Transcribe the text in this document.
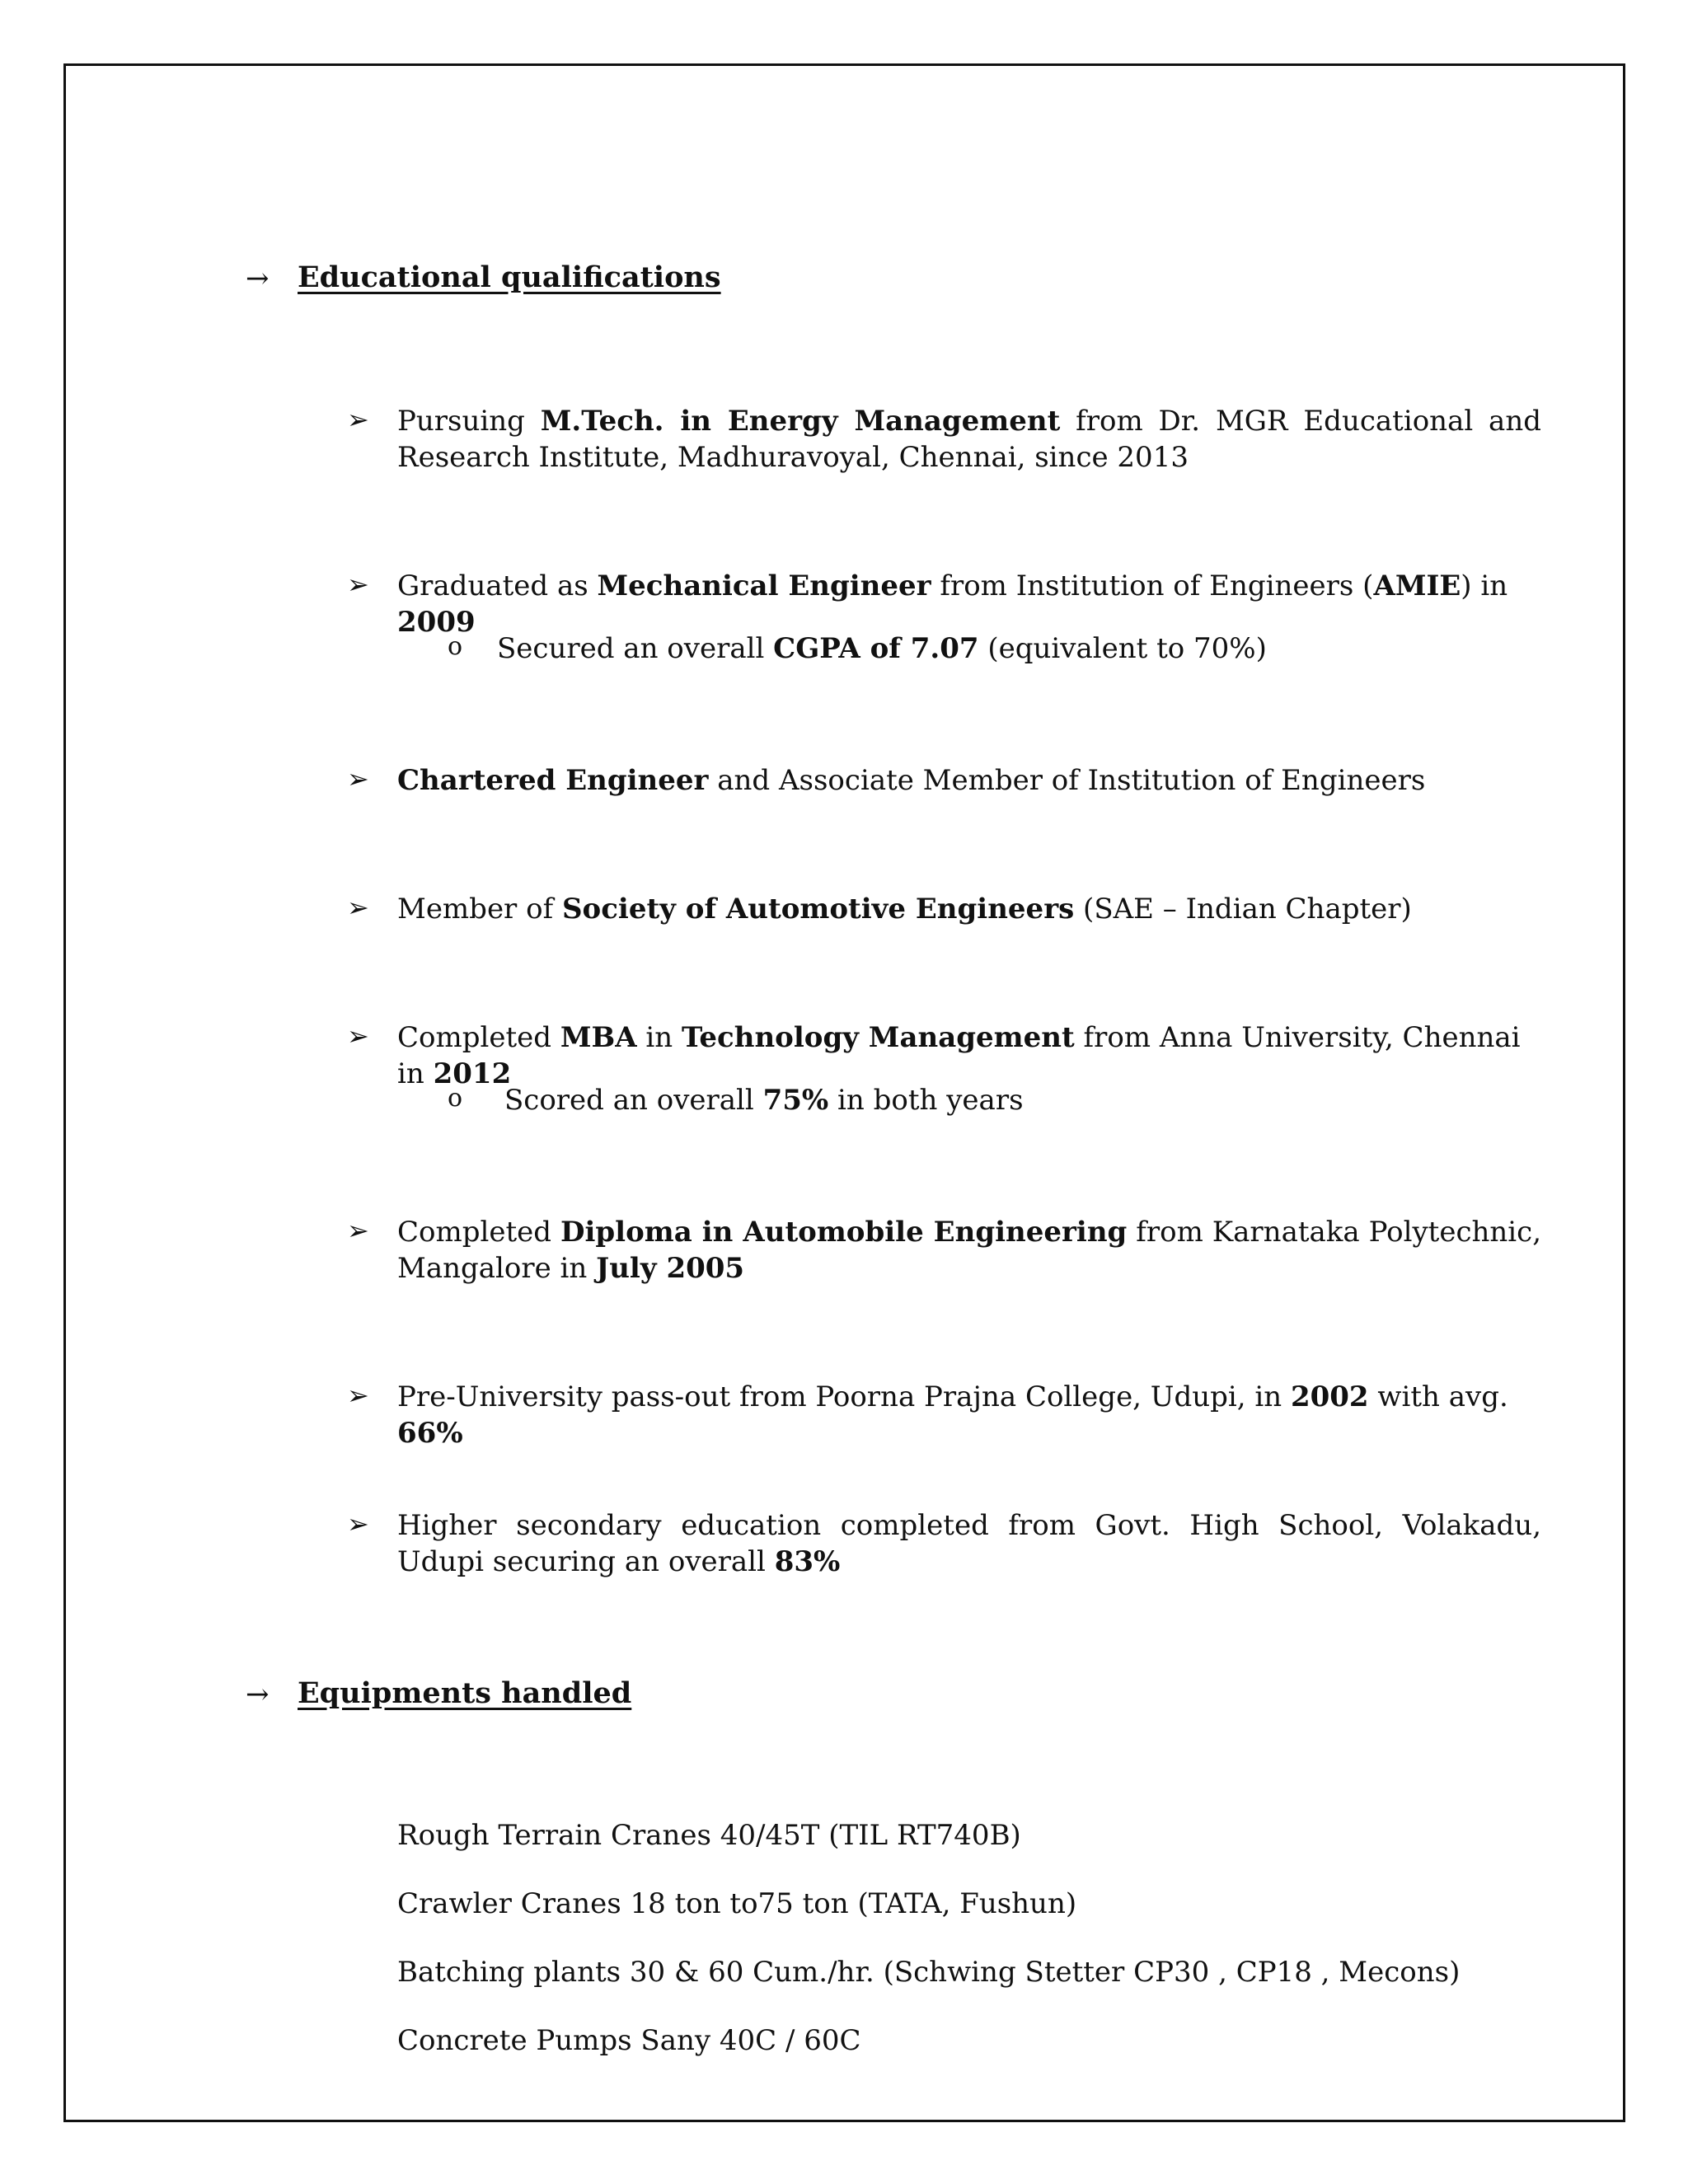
→ Educational qualifications
➢ Pursuing M.Tech. in Energy Management from Dr. MGR Educational and Research Institute, Madhuravoyal, Chennai, since 2013
➢ Graduated as Mechanical Engineer from Institution of Engineers (AMIE) in 2009
o Secured an overall CGPA of 7.07 (equivalent to 70%)
➢ Chartered Engineer and Associate Member of Institution of Engineers
➢ Member of Society of Automotive Engineers (SAE – Indian Chapter)
➢ Completed MBA in Technology Management from Anna University, Chennai in 2012
o Scored an overall 75% in both years
➢ Completed Diploma in Automobile Engineering from Karnataka Polytechnic, Mangalore in July 2005
➢ Pre-University pass-out from Poorna Prajna College, Udupi, in 2002 with avg. 66%
➢ Higher secondary education completed from Govt. High School, Volakadu, Udupi securing an overall 83%
→ Equipments handled
Rough Terrain Cranes 40/45T (TIL RT740B)
Crawler Cranes 18 ton to75 ton (TATA, Fushun)
Batching plants 30 & 60 Cum./hr. (Schwing Stetter CP30 , CP18 , Mecons)
Concrete Pumps Sany 40C / 60C
